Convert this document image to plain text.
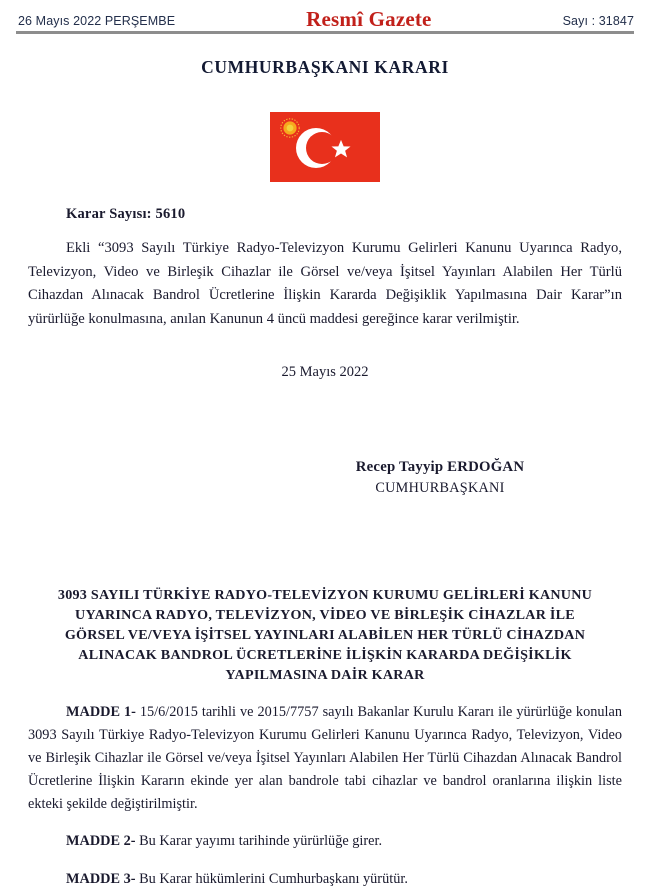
26 Mayıs 2022 PERŞEMBE	Resmî Gazete	Sayı : 31847
CUMHURBAŞKANI KARARI
Karar Sayısı: 5610

Ekli “3093 Sayılı Türkiye Radyo-Televizyon Kurumu Gelirleri Kanunu Uyarınca Radyo, Televizyon, Video ve Birleşik Cihazlar ile Görsel ve/veya İşitsel Yayınları Alabilen Her Türlü Cihazdan Alınacak Bandrol Ücretlerine İlişkin Kararda Değişiklik Yapılmasına Dair Karar”ın yürürlüğe konulmasına, anılan Kanunun 4 üncü maddesi gereğince karar verilmiştir.

25 Mayıs 2022
Recep Tayyip ERDOĞAN
CUMHURBAŞKANI
3093 SAYILI TÜRKİYE RADYO-TELEVİZYON KURUMU GELİRLERİ KANUNU
UYARINCA RADYO, TELEVİZYON, VİDEO VE BİRLEŞİK CİHAZLAR İLE
GÖRSEL VE/VEYA İŞİTSEL YAYINLARI ALABİLEN HER TÜRLÜ CİHAZDAN
ALINACAK BANDROL ÜCRETLERİNE İLİŞKİN KARARDA DEĞİŞİKLİK
YAPILMASINA DAİR KARAR

MADDE 1- 15/6/2015 tarihli ve 2015/7757 sayılı Bakanlar Kurulu Kararı ile yürürlüğe konulan 3093 Sayılı Türkiye Radyo-Televizyon Kurumu Gelirleri Kanunu Uyarınca Radyo, Televizyon, Video ve Birleşik Cihazlar ile Görsel ve/veya İşitsel Yayınları Alabilen Her Türlü Cihazdan Alınacak Bandrol Ücretlerine İlişkin Kararın ekinde yer alan bandrole tabi cihazlar ve bandrol oranlarına ilişkin liste ekteki şekilde değiştirilmiştir.

MADDE 2- Bu Karar yayımı tarihinde yürürlüğe girer.

MADDE 3- Bu Karar hükümlerini Cumhurbaşkanı yürütür.
